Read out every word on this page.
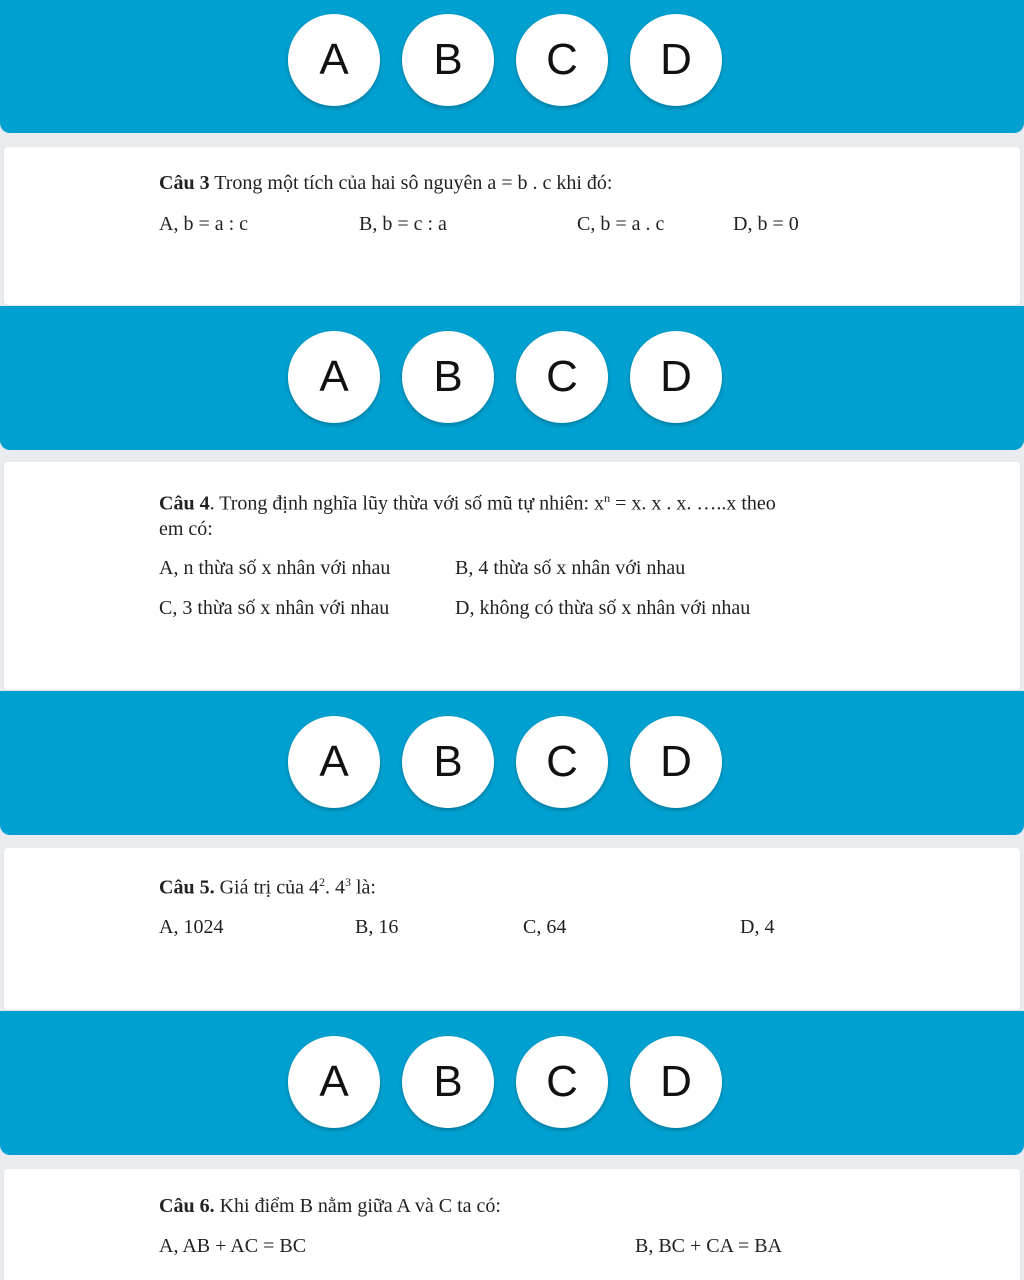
A	B	C	D
Câu 3 Trong một tích của hai sô nguyên a = b . c khi đó:
A, b = a : c	B, b = c : a	C, b = a . c	D, b = 0
A	B	C	D
Câu 4. Trong định nghĩa lũy thừa với số mũ tự nhiên: $x^n = x$. x . x. …..x theo
em có:
A, n thừa số x nhân với nhau	B, 4 thừa số x nhân với nhau
C, 3 thừa số x nhân với nhau	D, không có thừa số x nhân với nhau
A	B	C	D
Câu 5. Giá trị của $4^2$. $4^3$ là:
A, 1024	B, 16	C, 64	D, 4
A	B	C	D
Câu 6. Khi điểm B nằm giữa A và C ta có:
A, AB + AC = BC	B, BC + CA = BA
